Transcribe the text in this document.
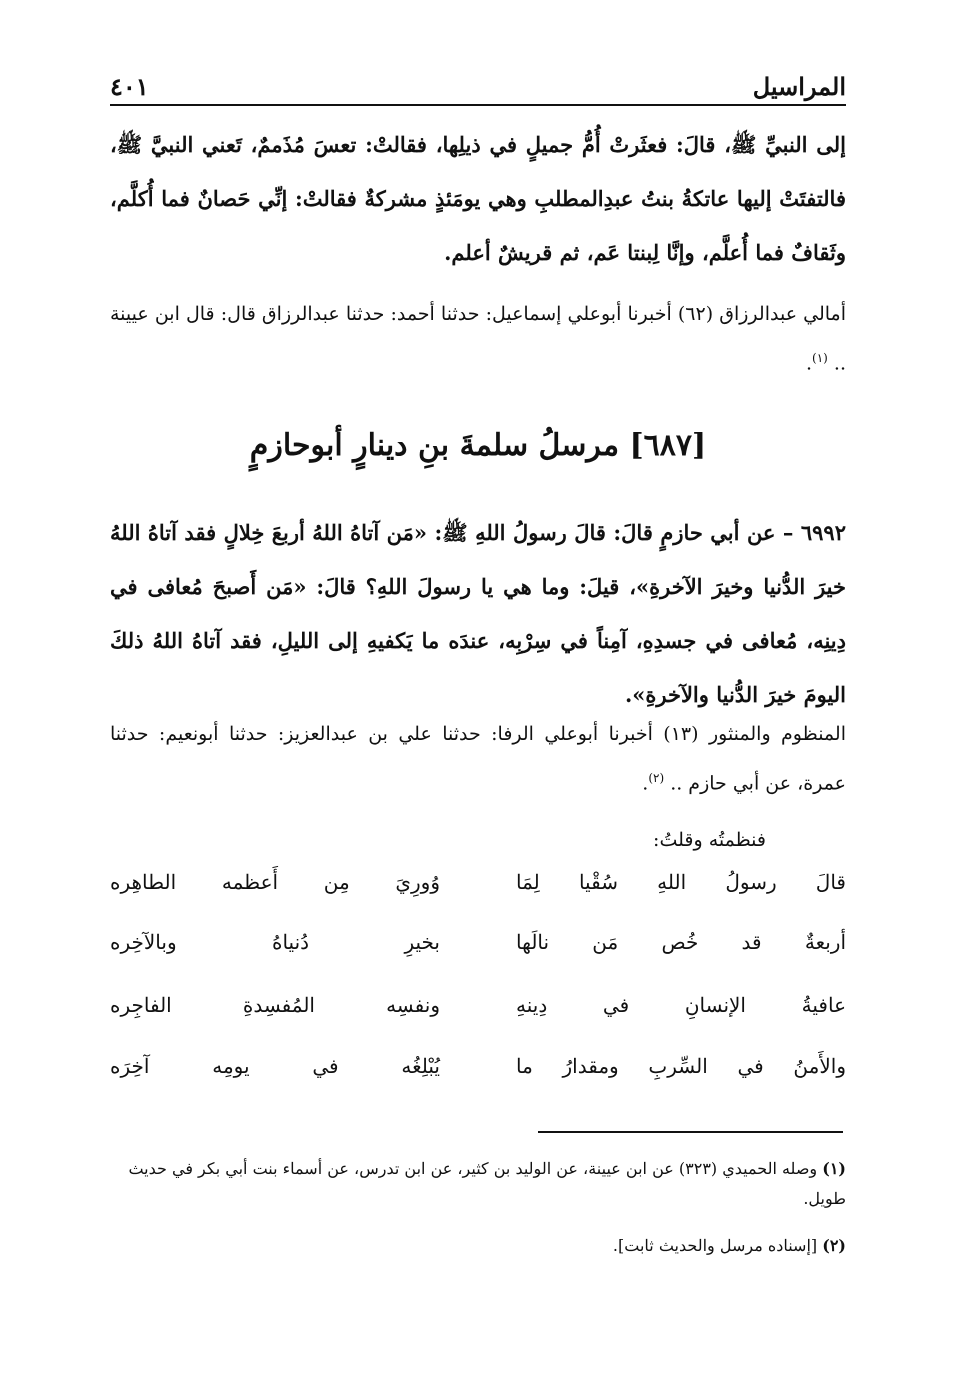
المراسيل
٤٠١
إلى النبيِّ ﷺ، قالَ: فعثَرتْ أُمُّ جميلٍ في ذيلِها، فقالتْ: تعسَ مُذَممٌ، تَعني النبيَّ ﷺ، فالتفتَتْ إليها عاتكةُ بنتُ عبدِالمطلبِ وهي يومَئذٍ مشركةٌ فقالتْ: إنِّي حَصانٌ فما أُكلَّم، وثَقافٌ فما أُعلَّم، وإنَّا لِبنتا عَم، ثم قريشٌ أعلم.
أمالي عبدالرزاق (٦٢) أخبرنا أبوعلي إسماعيل: حدثنا أحمد: حدثنا عبدالرزاق قال: قال ابن عيينة .. $^{(١)}$.
[٦٨٧] مرسلُ سلمةَ بنِ دينارٍ أبوحازمٍ
٦٩٩٢ – عن أبي حازمٍ قالَ: قالَ رسولُ اللهِ ﷺ: «مَن آتاهُ اللهُ أربعَ خِلالٍ فقد آتاهُ اللهُ خيرَ الدُّنيا وخيرَ الآخرةِ»، قيلَ: وما هي يا رسولَ اللهِ؟ قالَ: «مَن أَصبحَ مُعافى في دِينِه، مُعافى في جسدِهِ، آمِناً في سِرْبِه، عندَه ما يَكفيهِ إلى الليلِ، فقد آتاهُ اللهُ ذلكَ اليومَ خيرَ الدُّنيا والآخرةِ».
المنظوم والمنثور (١٣) أخبرنا أبوعلي الرفا: حدثنا علي بن عبدالعزيز: حدثنا أبونعيم: حدثنا عمرة، عن أبي حازم .. $^{(٢)}$.
فنظمتُه وقلتُ:
قالَ رسولُ اللهِ سُقْيا لِمَا
وُورِيَ مِن أَعظمه الطاهِره
أربعةٌ قد خُص مَن نالَها
بخيرِ دُنياهُ وبالآخِره
عافيةُ الإنسانِ في دِينهِ
ونفسِه المُفسِدةِ الفاجِره
والأَمنُ في السِّربِ ومقدارُ ما
يُبْلِغُه في يومِه آخِرَه
(١) وصله الحميدي (٣٢٣) عن ابن عيينة، عن الوليد بن كثير، عن ابن تدرس، عن أسماء بنت أبي بكر في حديث طويل.
(٢) [إسناده مرسل والحديث ثابت].
